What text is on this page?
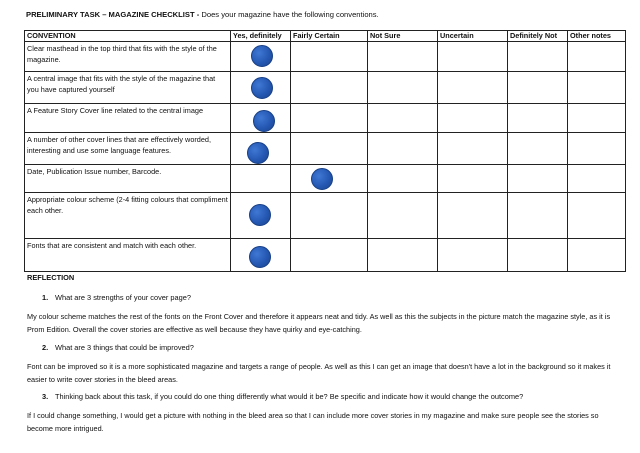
PRELIMINARY TASK – MAGAZINE CHECKLIST - Does your magazine have the following conventions.
CONVENTION	Yes, definitely	Fairly Certain	Not Sure	Uncertain	Definitely Not	Other notes
Clear masthead in the top third that fits with the style of the magazine.	

A central image that fits with the style of the magazine that you have captured yourself	

A Feature Story Cover line related to the central image	

A number of other cover lines that are effectively worded, interesting and use some language features.	

Date, Publication Issue number, Barcode.		

Appropriate colour scheme (2-4 fitting colours that compliment each other.	

Fonts that are consistent and match with each other.	

REFLECTION
1. What are 3 strengths of your cover page?
My colour scheme matches the rest of the fonts on the Front Cover and therefore it appears neat and tidy. As well as this the subjects in the picture match the magazine style, as it is Prom Edition. Overall the cover stories are effective as well because they have quirky and eye-catching.
2. What are 3 things that could be improved?
Font can be improved so it is a more sophisticated magazine and targets a range of people. As well as this I can get an image that doesn't have a lot in the background so it makes it easier to write cover stories in the bleed areas.
3. Thinking back about this task, if you could do one thing differently what would it be? Be specific and indicate how it would change the outcome?
If I could change something, I would get a picture with nothing in the bleed area so that I can include more cover stories in my magazine and make sure people see the stories so become more intrigued.
